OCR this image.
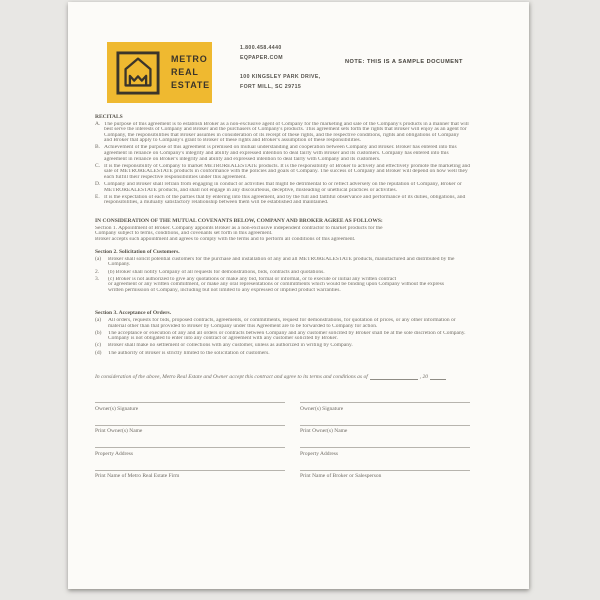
METRO
REAL
ESTATE
1.800.458.4440
EQPAPER.COM
100 KINGSLEY PARK DRIVE,
FORT MILL, SC 29715
NOTE: THIS IS A SAMPLE DOCUMENT
RECITALS
A. The purpose of this agreement is to establish Broker as a non-exclusive agent of Company for the marketing and sale of the Company's products in a manner that will
best serve the interests of Company and Broker and the purchasers of Company's products. This agreement sets forth the rights that Broker will enjoy as an agent for
Company, the responsibilities that Broker assumes in consideration of its receipt of these rights, and the respective conditions, rights and obligations of Company
and Broker that apply to Company's grant to Broker of these rights and Broker's assumption of these responsibilities.
B. Achievement of the purpose of this agreement is premised on mutual understanding and cooperation between Company and Broker. Broker has entered into this
agreement in reliance on Company's integrity and ability and expressed intention to deal fairly with Broker and its customers. Company has entered into this
agreement in reliance on Broker's integrity and ability and expressed intention to deal fairly with Company and its customers.
C. It is the responsibility of Company to market METROREALESTATE products. It is the responsibility of Broker to actively and effectively promote the marketing and
sale of METROREALESTATE products in conformance with the policies and goals of Company. The success of Company and Broker will depend on how well they
each fulfill their respective responsibilities under this agreement.
D. Company and Broker shall refrain from engaging in conduct or activities that might be detrimental to or reflect adversely on the reputation of Company, Broker or
METROREALESTATE products, and shall not engage in any discourteous, deceptive, misleading or unethical practices or activities.
E. It is the expectation of each of the parties that by entering into this agreement, and by the full and faithful observance and performance of its duties, obligations, and
responsibilities, a mutually satisfactory relationship between them will be established and maintained.
IN CONSIDERATION OF THE MUTUAL COVENANTS BELOW, COMPANY AND BROKER AGREE AS FOLLOWS:
Section 1. Appointment of Broker. Company appoints Broker as a non-exclusive independent contractor to market products for the
Company subject to terms, conditions, and covenants set forth in this agreement.
Broker accepts such appointment and agrees to comply with the terms and to perform all conditions of this agreement.
Section 2. Solicitation of Customers.
(a)	Broker shall solicit potential customers for the purchase and installation of any and all METROREALESTATE products, manufactured and distributed by the
Company.
2.	(b) Broker shall notify Company of all requests for demonstrations, bids, contracts and quotations.
3.	(c) Broker is not authorized to give any quotations or make any bid, formal or informal, or to execute or initial any written contract
or agreement or any written commitment, or make any oral representations or commitments which would be binding upon Company without the express
written permission of Company, including but not limited to any expressed or implied product warranties.
Section 3. Acceptance of Orders.
(a)	All orders, requests for bids, proposed contracts, agreements, or commitments, request for demonstrations, for quotation of prices, or any other information or
material other than that provided to Broker by Company under this Agreement are to be forwarded to Company for action.
(b)	The acceptance or execution of any and all orders or contracts between Company and any customer solicited by Broker shall be at the sole discretion of Company.
Company is not obligated to enter into any contract or agreement with any customer solicited by Broker.
(c)	Broker shall make no settlement or collections with any customer, unless as authorized in writing by Company.
(d)	The authority of Broker is strictly limited to the solicitation of customers.
In consideration of the above, Metro Real Estate and Owner accept this contract and agree to its terms and conditions as of	, 20
Owner(s) Signature	Owner(s) Signature
Print Owner(s) Name	Print Owner(s) Name
Property Address	Property Address
Print Name of Metro Real Estate Firm	Print Name of Broker or Salesperson
